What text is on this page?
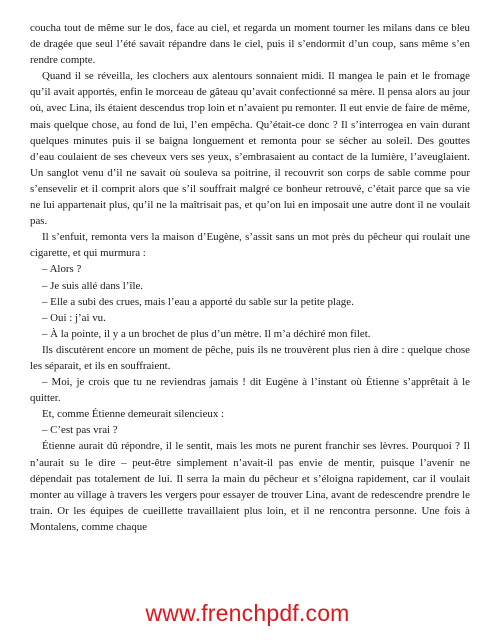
coucha tout de même sur le dos, face au ciel, et regarda un moment tourner les milans dans ce bleu de dragée que seul l’été savait répandre dans le ciel, puis il s’endormit d’un coup, sans même s’en rendre compte.

Quand il se réveilla, les clochers aux alentours sonnaient midi. Il mangea le pain et le fromage qu’il avait apportés, enfin le morceau de gâteau qu’avait confectionné sa mère. Il pensa alors au jour où, avec Lina, ils étaient descendus trop loin et n’avaient pu remonter. Il eut envie de faire de même, mais quelque chose, au fond de lui, l’en empêcha. Qu’était-ce donc ? Il s’interrogea en vain durant quelques minutes puis il se baigna longuement et remonta pour se sécher au soleil. Des gouttes d’eau coulaient de ses cheveux vers ses yeux, s’embrasaient au contact de la lumière, l’aveuglaient. Un sanglot venu d’il ne savait où souleva sa poitrine, il recouvrit son corps de sable comme pour s’ensevelir et il comprit alors que s’il souffrait malgré ce bonheur retrouvé, c’était parce que sa vie ne lui appartenait plus, qu’il ne la maîtrisait pas, et qu’on lui en imposait une autre dont il ne voulait pas.

Il s’enfuit, remonta vers la maison d’Eugène, s’assit sans un mot près du pêcheur qui roulait une cigarette, et qui murmura :

– Alors ?

– Je suis allé dans l’île.

– Elle a subi des crues, mais l’eau a apporté du sable sur la petite plage.

– Oui : j’ai vu.

– À la pointe, il y a un brochet de plus d’un mètre. Il m’a déchiré mon filet.

Ils discutèrent encore un moment de pêche, puis ils ne trouvèrent plus rien à dire : quelque chose les séparait, et ils en souffraient.

– Moi, je crois que tu ne reviendras jamais ! dit Eugène à l’instant où Étienne s’apprêtait à le quitter.

Et, comme Étienne demeurait silencieux :

– C’est pas vrai ?

Étienne aurait dû répondre, il le sentit, mais les mots ne purent franchir ses lèvres. Pourquoi ? Il n’aurait su le dire – peut-être simplement n’avait-il pas envie de mentir, puisque l’avenir ne dépendait pas totalement de lui. Il serra la main du pêcheur et s’éloigna rapidement, car il voulait monter au village à travers les vergers pour essayer de trouver Lina, avant de redescendre prendre le train. Or les équipes de cueillette travaillaient plus loin, et il ne rencontra personne. Une fois à Montalens, comme chaque

www.frenchpdf.com
